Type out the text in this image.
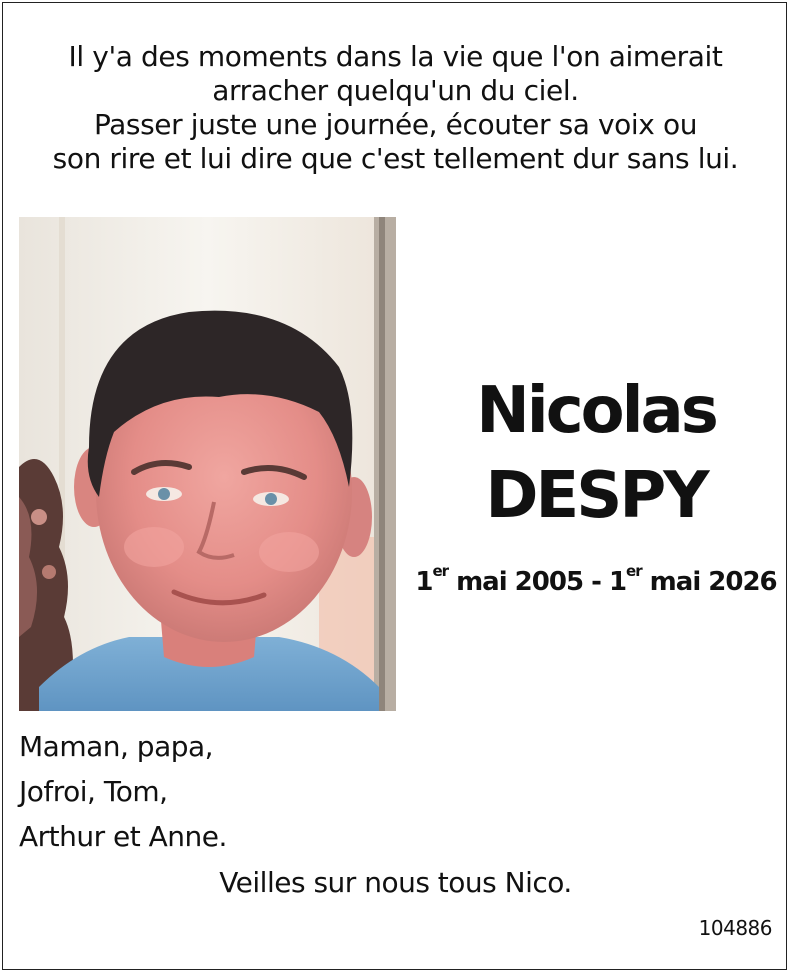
Il y'a des moments dans la vie que l'on aimerait
arracher quelqu'un du ciel.
Passer juste une journée, écouter sa voix ou
son rire et lui dire que c'est tellement dur sans lui.
Nicolas
DESPY
1er mai 2005 - 1er mai 2026
Maman, papa,
Jofroi, Tom,
Arthur et Anne.
Veilles sur nous tous Nico.
104886
